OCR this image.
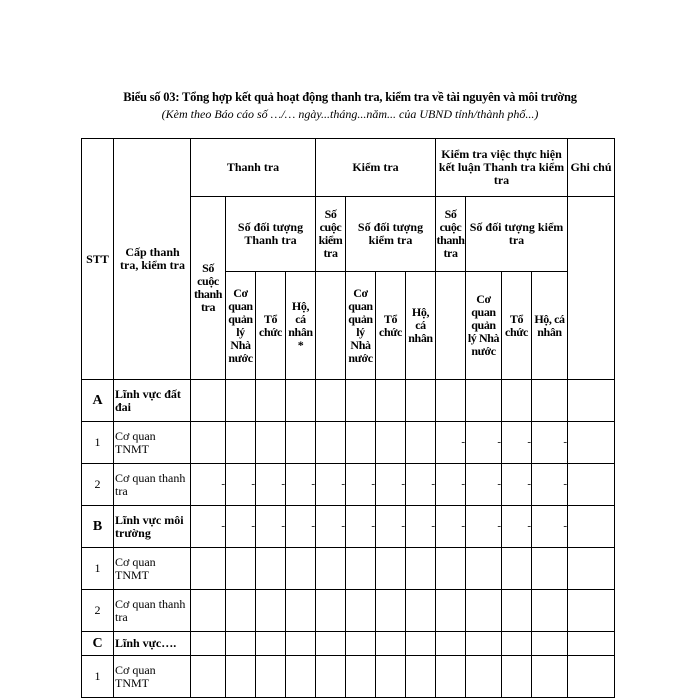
Biểu số 03: Tổng hợp kết quả hoạt động thanh tra, kiểm tra về tài nguyên và môi trường
(Kèm theo Báo cáo số …/… ngày...tháng...năm... của UBND tỉnh/thành phố...)
STT	Cấp thanh tra, kiểm tra	Thanh tra				Kiểm tra				Kiểm tra việc thực hiện kết luận Thanh tra kiểm tra				Ghi chú
		Số cuộc thanh tra	Số đối tượng Thanh tra			Số cuộc kiểm tra	Số đối tượng kiểm tra			Số cuộc thanh tra	Số đối tượng kiểm tra			
			Cơ quan quản lý Nhà nước	Tổ chức	Hộ, cá nhân *		Cơ quan quản lý Nhà nước	Tổ chức	Hộ, cá nhân		Cơ quan quản lý Nhà nước	Tổ chức	Hộ, cá nhân	
A	Lĩnh vực đất đai													
1	Cơ quan TNMT									-	-	-	-	
2	Cơ quan thanh tra	-	-	-	-	-	-	-	-	-	-	-	-	
B	Lĩnh vực môi trường	-	-	-	-	-	-	-	-	-	-	-	-	
1	Cơ quan TNMT													
2	Cơ quan thanh tra													
C	Lĩnh vực….													
1	Cơ quan TNMT													
